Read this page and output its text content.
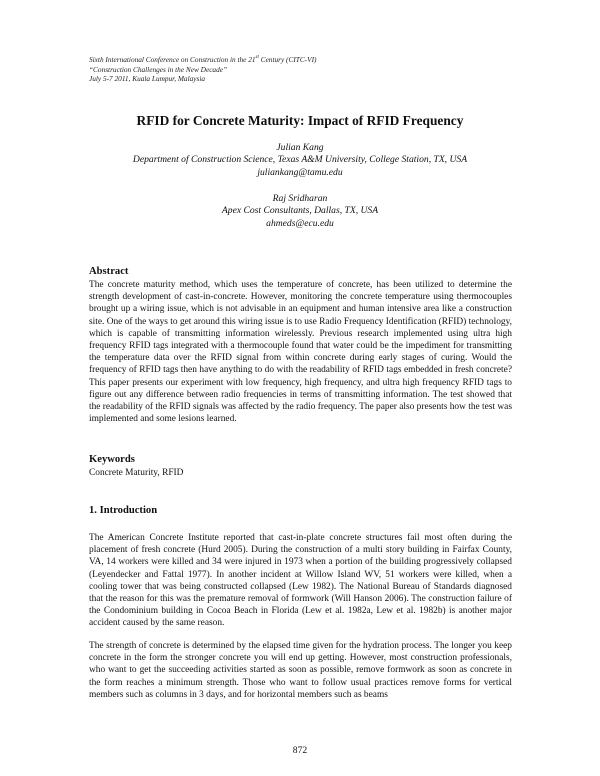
Sixth International Conference on Construction in the 21st Century (CITC-VI)
“Construction Challenges in the New Decade”
July 5-7 2011, Kuala Lumpur, Malaysia
RFID for Concrete Maturity: Impact of RFID Frequency
Julian Kang
Department of Construction Science, Texas A&M University, College Station, TX, USA
juliankang@tamu.edu
Raj Sridharan
Apex Cost Consultants, Dallas, TX, USA
ahmeds@ecu.edu
Abstract
The concrete maturity method, which uses the temperature of concrete, has been utilized to determine the strength development of cast-in-concrete. However, monitoring the concrete temperature using thermocouples brought up a wiring issue, which is not advisable in an equipment and human intensive area like a construction site. One of the ways to get around this wiring issue is to use Radio Frequency Identification (RFID) technology, which is capable of transmitting information wirelessly. Previous research implemented using ultra high frequency RFID tags integrated with a thermocouple found that water could be the impediment for transmitting the temperature data over the RFID signal from within concrete during early stages of curing. Would the frequency of RFID tags then have anything to do with the readability of RFID tags embedded in fresh concrete? This paper presents our experiment with low frequency, high frequency, and ultra high frequency RFID tags to figure out any difference between radio frequencies in terms of transmitting information. The test showed that the readability of the RFID signals was affected by the radio frequency. The paper also presents how the test was implemented and some lesions learned.
Keywords
Concrete Maturity, RFID
1. Introduction
The American Concrete Institute reported that cast-in-plate concrete structures fail most often during the placement of fresh concrete (Hurd 2005). During the construction of a multi story building in Fairfax County, VA, 14 workers were killed and 34 were injured in 1973 when a portion of the building progressively collapsed (Leyendecker and Fattal 1977). In another incident at Willow Island WV, 51 workers were killed, when a cooling tower that was being constructed collapsed (Lew 1982). The National Bureau of Standards diagnosed that the reason for this was the premature removal of formwork (Will Hanson 2006). The construction failure of the Condominium building in Cocoa Beach in Florida (Lew et al. 1982a, Lew et al. 1982b) is another major accident caused by the same reason.
The strength of concrete is determined by the elapsed time given for the hydration process. The longer you keep concrete in the form the stronger concrete you will end up getting. However, most construction professionals, who want to get the succeeding activities started as soon as possible, remove formwork as soon as concrete in the form reaches a minimum strength. Those who want to follow usual practices remove forms for vertical members such as columns in 3 days, and for horizontal members such as beams
872
